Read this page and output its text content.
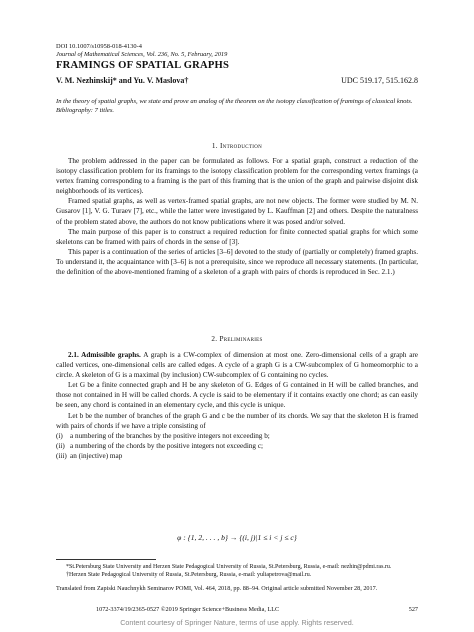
DOI 10.1007/s10958-018-4130-4
Journal of Mathematical Sciences, Vol. 236, No. 5, February, 2019
FRAMINGS OF SPATIAL GRAPHS
V. M. Nezhinskij* and Yu. V. Maslova†	UDC 519.17, 515.162.8
In the theory of spatial graphs, we state and prove an analog of the theorem on the isotopy classification of framings of classical knots. Bibliography: 7 titles.
1. Introduction

The problem addressed in the paper can be formulated as follows. For a spatial graph, construct a reduction of the isotopy classification problem for its framings to the isotopy classification problem for the corresponding vertex framings (a vertex framing corresponding to a framing is the part of this framing that is the union of the graph and pairwise disjoint disk neighborhoods of its vertices).

Framed spatial graphs, as well as vertex-framed spatial graphs, are not new objects. The former were studied by M. N. Gusarov [1], V. G. Turaev [7], etc., while the latter were investigated by L. Kauffman [2] and others. Despite the naturalness of the problem stated above, the authors do not know publications where it was posed and/or solved.

The main purpose of this paper is to construct a required reduction for finite connected spatial graphs for which some skeletons can be framed with pairs of chords in the sense of [3].

This paper is a continuation of the series of articles [3–6] devoted to the study of (partially or completely) framed graphs. To understand it, the acquaintance with [3–6] is not a prerequisite, since we reproduce all necessary statements. (In particular, the definition of the above-mentioned framing of a skeleton of a graph with pairs of chords is reproduced in Sec. 2.1.)

2. Preliminaries

2.1. Admissible graphs. A graph is a CW-complex of dimension at most one. Zero-dimensional cells of a graph are called vertices, one-dimensional cells are called edges. A cycle of a graph G is a CW-subcomplex of G homeomorphic to a circle. A skeleton of G is a maximal (by inclusion) CW-subcomplex of G containing no cycles.

Let G be a finite connected graph and H be any skeleton of G. Edges of G contained in H will be called branches, and those not contained in H will be called chords. A cycle is said to be elementary if it contains exactly one chord; as can easily be seen, any chord is contained in an elementary cycle, and this cycle is unique.

Let b be the number of branches of the graph G and c be the number of its chords. We say that the skeleton H is framed with pairs of chords if we have a triple consisting of

(i) a numbering of the branches by the positive integers not exceeding b;

(ii) a numbering of the chords by the positive integers not exceeding c;

(iii) an (injective) map

φ : {1, 2, . . . , b} → {(i, j)|1 ≤ i < j ≤ c}

*St.Petersburg State University and Herzen State Pedagogical University of Russia, St.Petersburg, Russia, e-mail: nezhin@pdmi.ras.ru.

†Herzen State Pedagogical University of Russia, St.Petersburg, Russia, e-mail: yuliapetrova@mail.ru.

Translated from Zapiski Nauchnykh Seminarov POMI, Vol. 464, 2018, pp. 88–94. Original article submitted November 28, 2017.
1072-3374/19/2365-0527 ©2019 Springer Science+Business Media, LLC	527
Content courtesy of Springer Nature, terms of use apply. Rights reserved.
